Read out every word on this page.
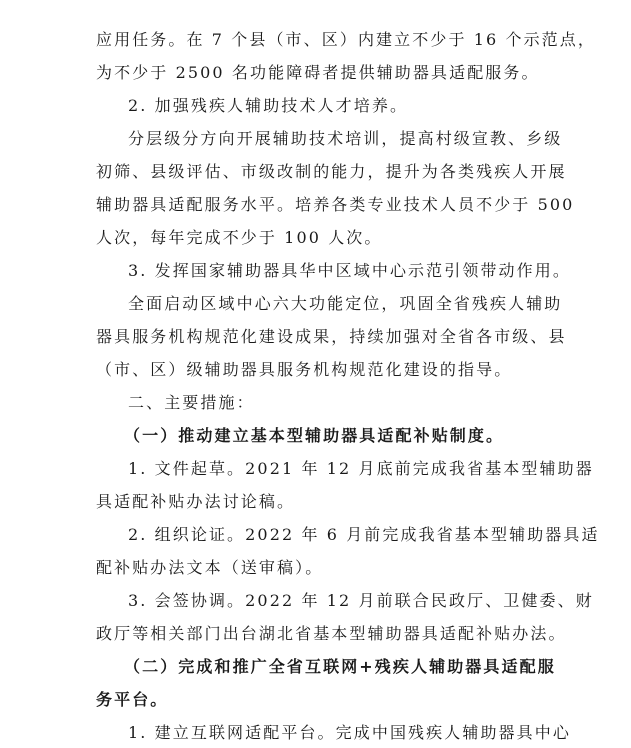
应用任务。在 7 个县（市、区）内建立不少于 16 个示范点，
为不少于 2500 名功能障碍者提供辅助器具适配服务。
2. 加强残疾人辅助技术人才培养。
分层级分方向开展辅助技术培训，提高村级宣教、乡级
初筛、县级评估、市级改制的能力，提升为各类残疾人开展
辅助器具适配服务水平。培养各类专业技术人员不少于 500
人次，每年完成不少于 100 人次。
3. 发挥国家辅助器具华中区域中心示范引领带动作用。
全面启动区域中心六大功能定位，巩固全省残疾人辅助
器具服务机构规范化建设成果，持续加强对全省各市级、县
（市、区）级辅助器具服务机构规范化建设的指导。
二、主要措施：
（一）推动建立基本型辅助器具适配补贴制度。
1. 文件起草。2021 年 12 月底前完成我省基本型辅助器
具适配补贴办法讨论稿。
2. 组织论证。2022 年 6 月前完成我省基本型辅助器具适
配补贴办法文本（送审稿）。
3. 会签协调。2022 年 12 月前联合民政厅、卫健委、财
政厅等相关部门出台湖北省基本型辅助器具适配补贴办法。
（二）完成和推广全省互联网+残疾人辅助器具适配服
务平台。
1. 建立互联网适配平台。完成中国残疾人辅助器具中心
